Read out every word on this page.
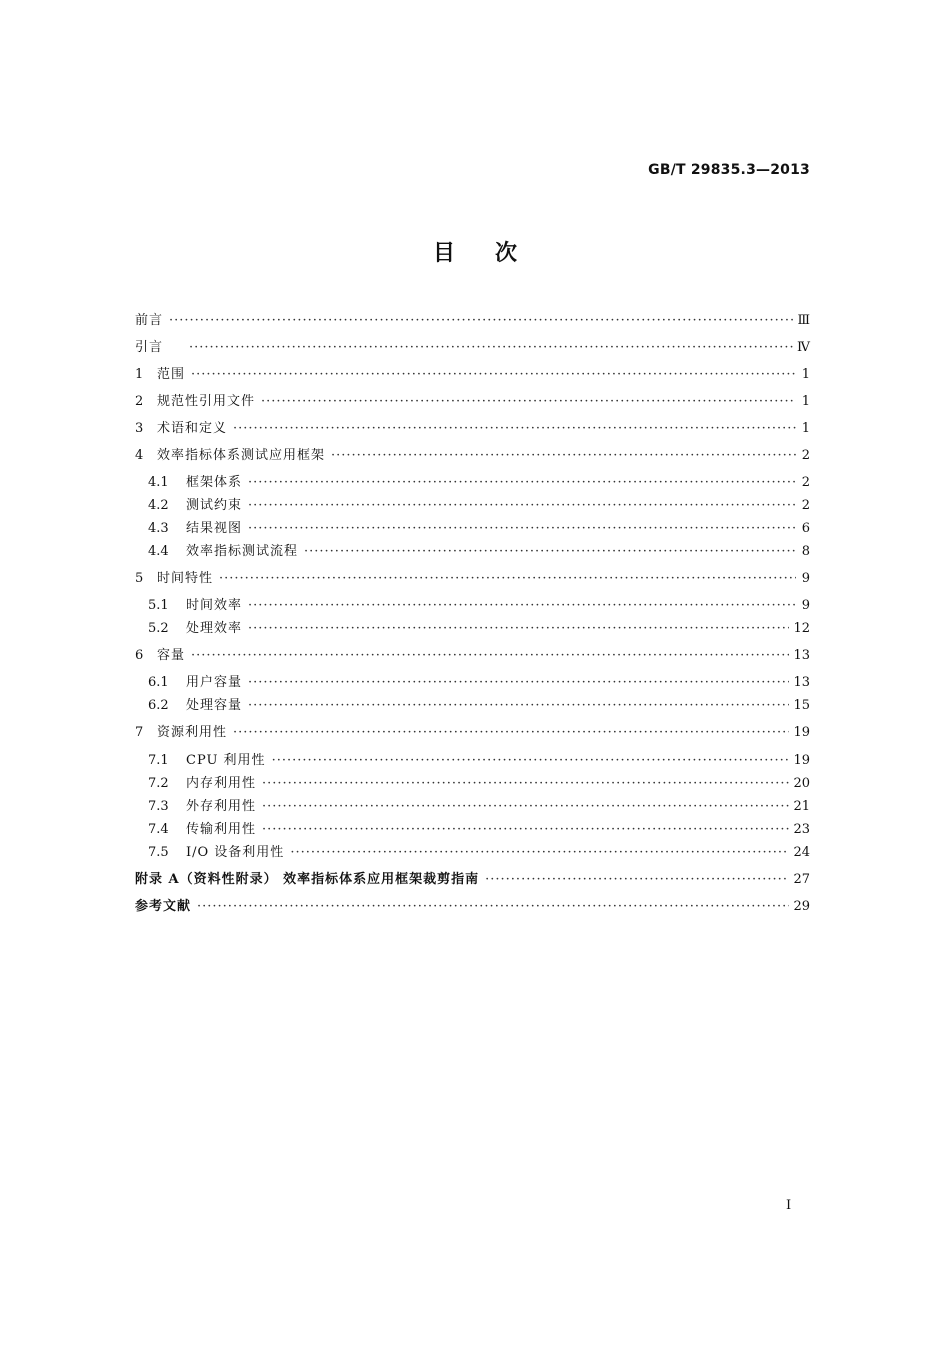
GB/T 29835.3—2013
目 次
前言 ·····	Ⅲ
引言 ·····	Ⅳ
1	范围 ·····	1
2	规范性引用文件 ·····	1
3	术语和定义 ·····	1
4	效率指标体系测试应用框架 ·····	2
4.1	框架体系 ·····	2
4.2	测试约束 ·····	2
4.3	结果视图 ·····	6
4.4	效率指标测试流程 ·····	8
5	时间特性 ·····	9
5.1	时间效率 ·····	9
5.2	处理效率 ·····	12
6	容量 ·····	13
6.1	用户容量 ·····	13
6.2	处理容量 ·····	15
7	资源利用性 ·····	19
7.1	CPU 利用性 ·····	19
7.2	内存利用性 ·····	20
7.3	外存利用性 ·····	21
7.4	传输利用性 ·····	23
7.5	I/O 设备利用性 ·····	24
附录 A（资料性附录） 效率指标体系应用框架裁剪指南 ·····	27
参考文献 ·····	29
I
